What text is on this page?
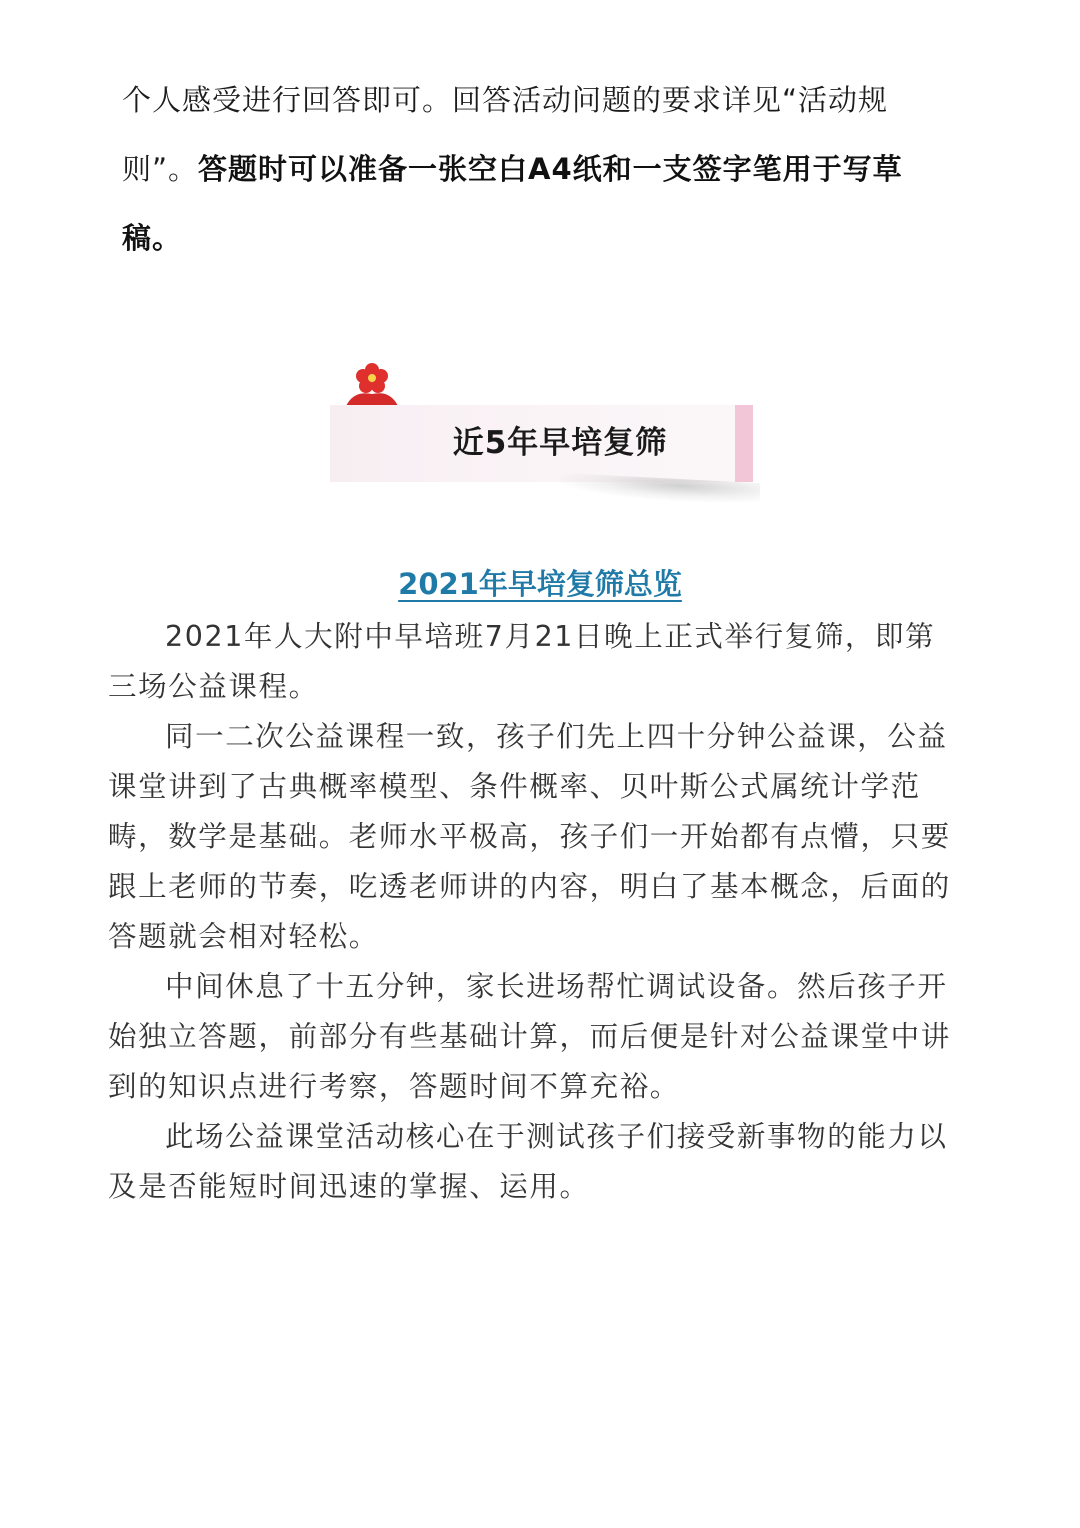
个人感受进行回答即可。回答活动问题的要求详见“活动规则”。答题时可以准备一张空白A4纸和一支签字笔用于写草稿。

近5年早培复筛
2021年早培复筛总览

2021年人大附中早培班7月21日晚上正式举行复筛，即第三场公益课程。

同一二次公益课程一致，孩子们先上四十分钟公益课，公益课堂讲到了古典概率模型、条件概率、贝叶斯公式属统计学范畴，数学是基础。老师水平极高，孩子们一开始都有点懵，只要跟上老师的节奏，吃透老师讲的内容，明白了基本概念，后面的答题就会相对轻松。

中间休息了十五分钟，家长进场帮忙调试设备。然后孩子开始独立答题，前部分有些基础计算，而后便是针对公益课堂中讲到的知识点进行考察，答题时间不算充裕。

此场公益课堂活动核心在于测试孩子们接受新事物的能力以及是否能短时间迅速的掌握、运用。
